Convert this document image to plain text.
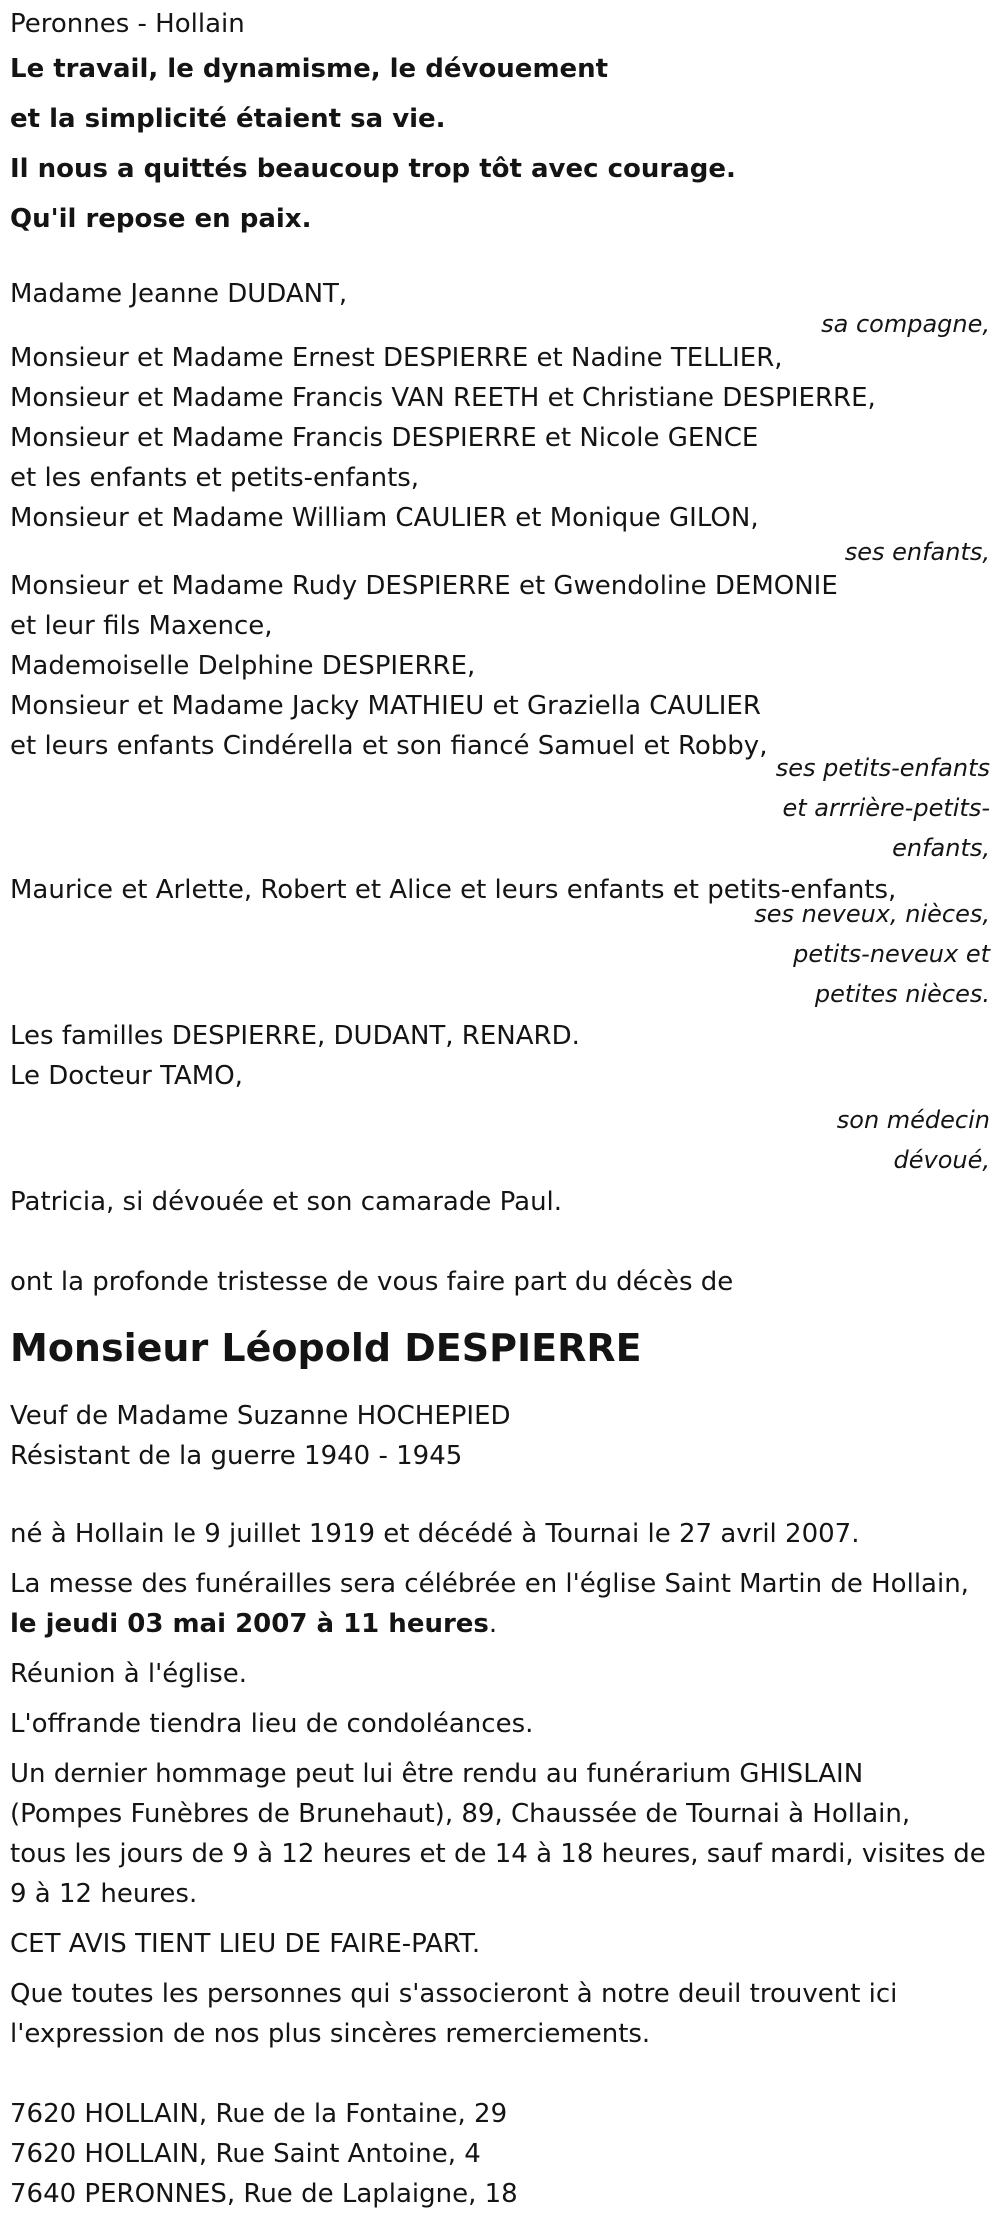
Peronnes - Hollain
Le travail, le dynamisme, le dévouement
et la simplicité étaient sa vie.
Il nous a quittés beaucoup trop tôt avec courage.
Qu'il repose en paix.
Madame Jeanne DUDANT,
sa compagne,
Monsieur et Madame Ernest DESPIERRE et Nadine TELLIER,
Monsieur et Madame Francis VAN REETH et Christiane DESPIERRE,
Monsieur et Madame Francis DESPIERRE et Nicole GENCE
et les enfants et petits-enfants,
Monsieur et Madame William CAULIER et Monique GILON,
ses enfants,
Monsieur et Madame Rudy DESPIERRE et Gwendoline DEMONIE
et leur fils Maxence,
Mademoiselle Delphine DESPIERRE,
Monsieur et Madame Jacky MATHIEU et Graziella CAULIER
et leurs enfants Cindérella et son fiancé Samuel et Robby,
ses petits-enfants
et arrrière-petits-
enfants,
Maurice et Arlette, Robert et Alice et leurs enfants et petits-enfants,
ses neveux, nièces,
petits-neveux et
petites nièces.
Les familles DESPIERRE, DUDANT, RENARD.
Le Docteur TAMO,
son médecin
dévoué,
Patricia, si dévouée et son camarade Paul.
ont la profonde tristesse de vous faire part du décès de
Monsieur Léopold DESPIERRE
Veuf de Madame Suzanne HOCHEPIED
Résistant de la guerre 1940 - 1945
né à Hollain le 9 juillet 1919 et décédé à Tournai le 27 avril 2007.
La messe des funérailles sera célébrée en l'église Saint Martin de Hollain,
le jeudi 03 mai 2007 à 11 heures.
Réunion à l'église.
L'offrande tiendra lieu de condoléances.
Un dernier hommage peut lui être rendu au funérarium GHISLAIN
(Pompes Funèbres de Brunehaut), 89, Chaussée de Tournai à Hollain,
tous les jours de 9 à 12 heures et de 14 à 18 heures, sauf mardi, visites de
9 à 12 heures.
CET AVIS TIENT LIEU DE FAIRE-PART.
Que toutes les personnes qui s'associeront à notre deuil trouvent ici
l'expression de nos plus sincères remerciements.
7620 HOLLAIN, Rue de la Fontaine, 29
7620 HOLLAIN, Rue Saint Antoine, 4
7640 PERONNES, Rue de Laplaigne, 18
